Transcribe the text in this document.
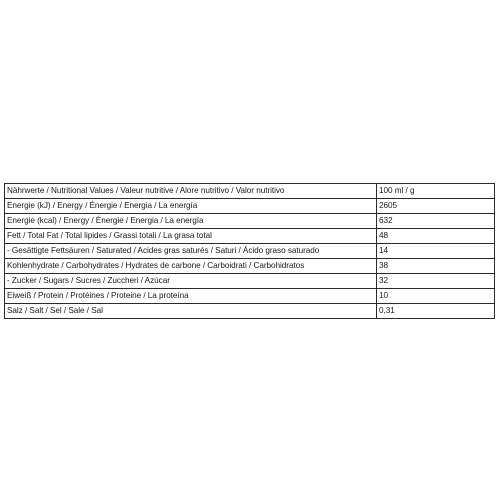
Nährwerte / Nutritional Values / Valeur nutritive / Alore nutritivo / Valor nutritivo	100 ml / g
Energie (kJ) / Energy / Énergie / Energia / La energía	2605
Energie (kcal) / Energy / Énergie / Energia / La energía	632
Fett / Total Fat / Total lipides / Grassi totali / La grasa total	48
- Gesättigte Fettsäuren / Saturated / Acides gras saturés / Saturi / Ácido graso saturado	14
Kohlenhydrate / Carbohydrates / Hydrates de carbone / Carboidrati / Carbohidratos	38
- Zucker / Sugars / Sucres / Zuccheri / Azúcar	32
Eiweiß / Protein / Protéines / Proteine / La proteína	10
Salz / Salt / Sel / Sale / Sal	0,31
